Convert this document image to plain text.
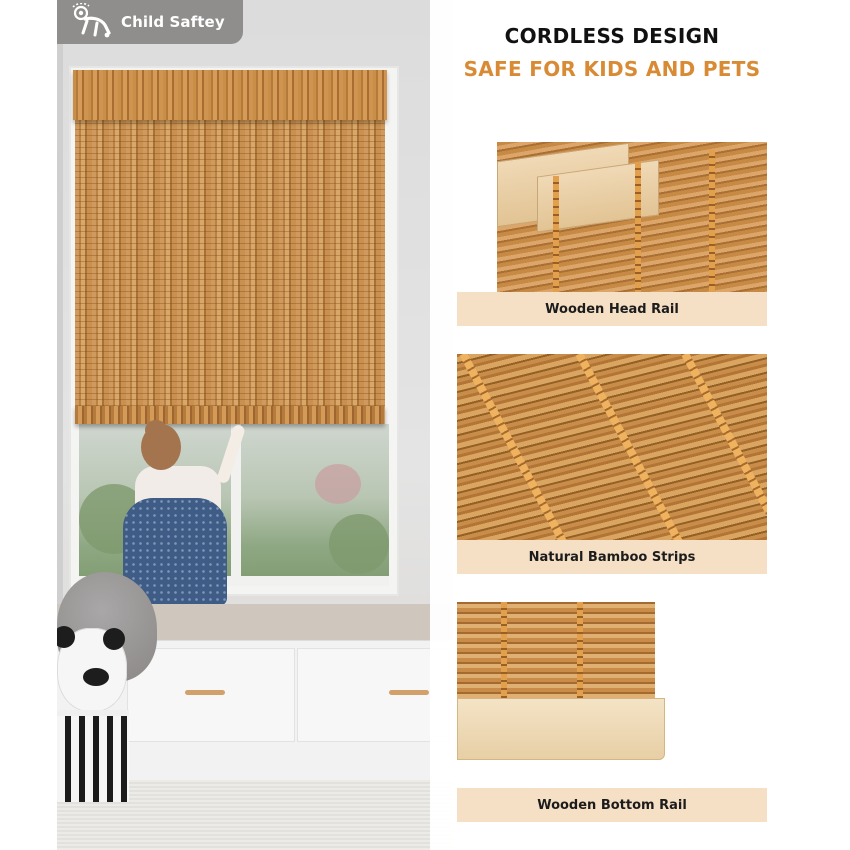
Child Saftey
CORDLESS DESIGN
SAFE FOR KIDS AND PETS
Wooden Head Rail
Natural Bamboo Strips
Wooden Bottom Rail
